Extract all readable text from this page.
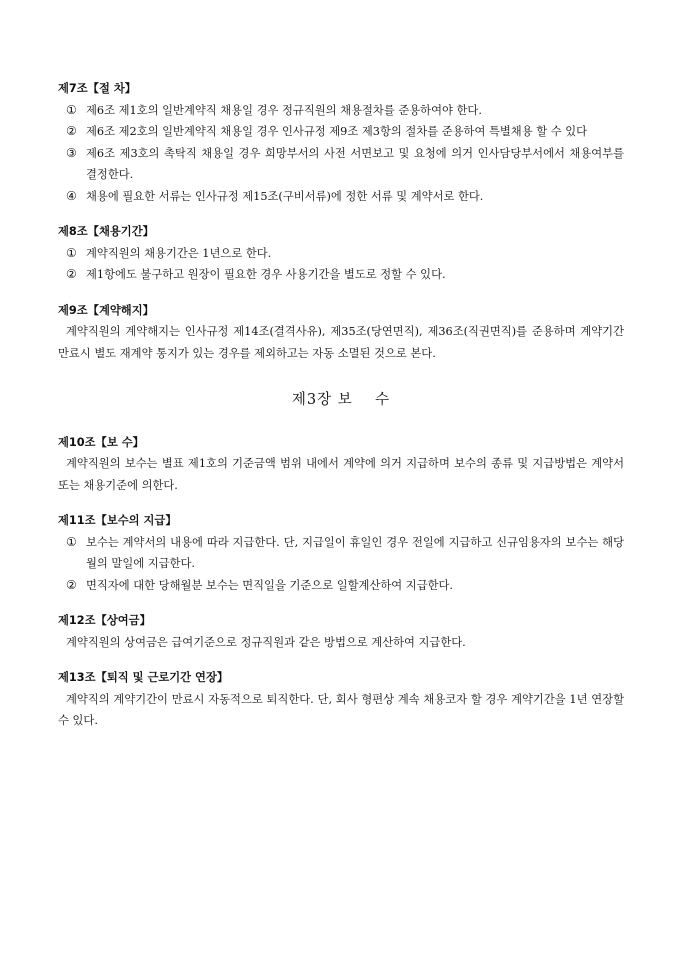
제7조【절 차】
① 제6조 제1호의 일반계약직 채용일 경우 정규직원의 채용절차를 준용하여야 한다.
② 제6조 제2호의 일반계약직 채용일 경우 인사규정 제9조 제3항의 절차를 준용하여 특별채용 할 수 있다
③ 제6조 제3호의 촉탁직 채용일 경우 희망부서의 사전 서면보고 및 요청에 의거 인사담당부서에서 채용여부를 결정한다.
④ 채용에 필요한 서류는 인사규정 제15조(구비서류)에 정한 서류 및 계약서로 한다.
제8조【채용기간】
① 계약직원의 채용기간은 1년으로 한다.
② 제1항에도 불구하고 원장이 필요한 경우 사용기간을 별도로 정할 수 있다.
제9조【계약해지】
계약직원의 계약해지는 인사규정 제14조(결격사유), 제35조(당연면직), 제36조(직권면직)를 준용하며 계약기간 만료시 별도 재계약 통지가 있는 경우를 제외하고는 자동 소멸된 것으로 본다.
제3장 보    수
제10조【보 수】
계약직원의 보수는 별표 제1호의 기준금액 범위 내에서 계약에 의거 지급하며 보수의 종류 및 지급방법은 계약서 또는 채용기준에 의한다.
제11조【보수의 지급】
① 보수는 계약서의 내용에 따라 지급한다. 단, 지급일이 휴일인 경우 전일에 지급하고 신규임용자의 보수는 해당월의 말일에 지급한다.
② 면직자에 대한 당해월분 보수는 면직일을 기준으로 일할계산하여 지급한다.
제12조【상여금】
계약직원의 상여금은 급여기준으로 정규직원과 같은 방법으로 계산하여 지급한다.
제13조【퇴직 및 근로기간 연장】
계약직의 계약기간이 만료시 자동적으로 퇴직한다. 단, 회사 형편상 계속 채용코자 할 경우 계약기간을 1년 연장할 수 있다.
